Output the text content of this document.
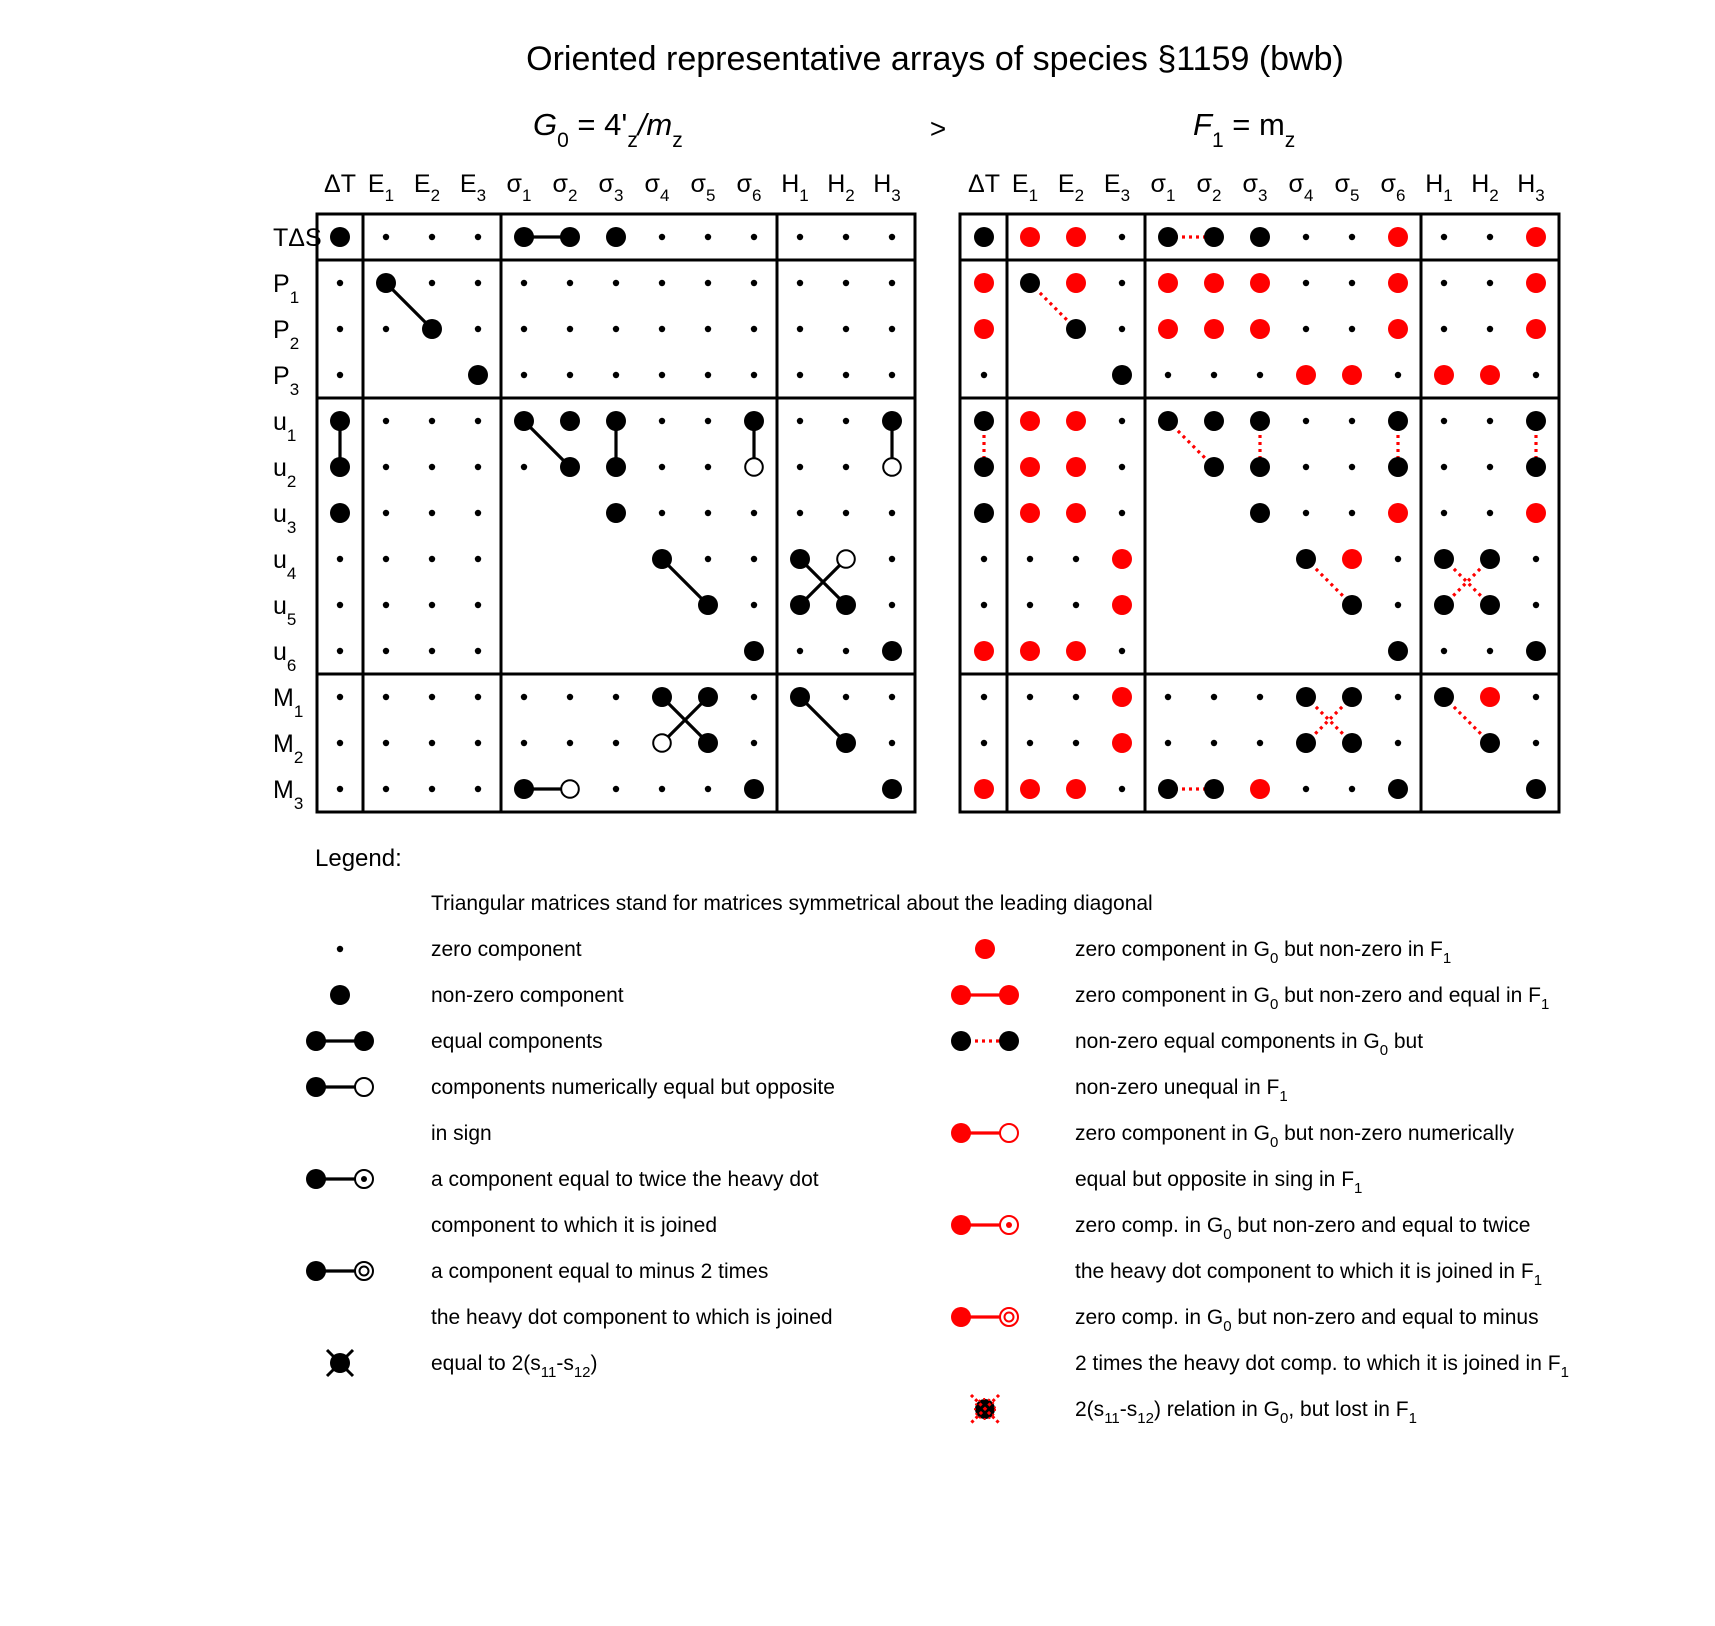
Oriented representative arrays of species §1159 (bwb)
>
$G_0 = 4'_z/m_z$	$F_1 = m_z$
ΔT $E_1$ $E_2$ $E_3$ $\sigma_1$ $\sigma_2$ $\sigma_3$ $\sigma_4$ $\sigma_5$ $\sigma_6$ $H_1$ $H_2$ $H_3$	ΔT $E_1$ $E_2$ $E_3$ $\sigma_1$ $\sigma_2$ $\sigma_3$ $\sigma_4$ $\sigma_5$ $\sigma_6$ $H_1$ $H_2$ $H_3$
TΔS
$P_1$
$P_2$
$P_3$
$u_1$
$u_2$
$u_3$
$u_4$
$u_5$
$u_6$
$M_1$
$M_2$
$M_3$
Legend:
Triangular matrices stand for matrices symmetrical about the leading diagonal
zero component
non-zero component
equal components
components numerically equal but opposite
in sign
a component equal to twice the heavy dot
component to which it is joined
a component equal to minus 2 times
the heavy dot component to which is joined
equal to $2(s_{11}-s_{12})$
zero component in $G_0$ but non-zero in $F_1$
zero component in $G_0$ but non-zero and equal in $F_1$
non-zero equal components in $G_0$ but
non-zero unequal in $F_1$
zero component in $G_0$ but non-zero numerically
equal but opposite in sing in $F_1$
zero comp. in $G_0$ but non-zero and equal to twice
the heavy dot component to which it is joined in $F_1$
zero comp. in $G_0$ but non-zero and equal to minus
2 times the heavy dot comp. to which it is joined in $F_1$
$2(s_{11}-s_{12})$ relation in $G_0$, but lost in $F_1$
